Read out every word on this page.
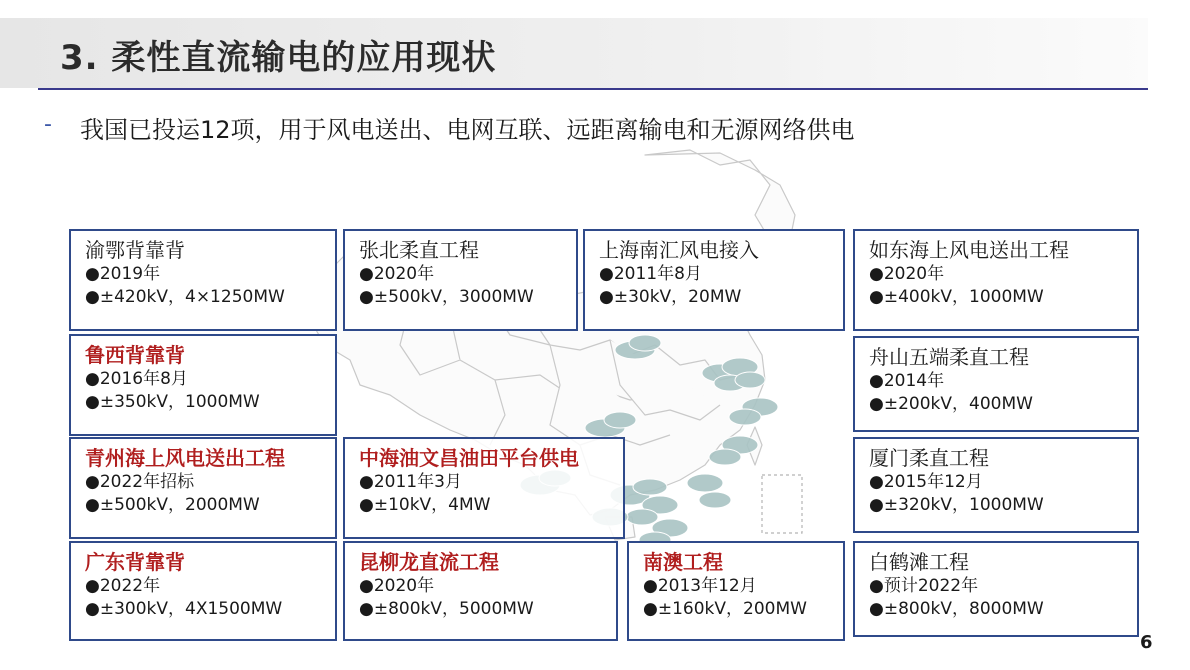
3. 柔性直流输电的应用现状
- 我国已投运12项，用于风电送出、电网互联、远距离输电和无源网络供电
渝鄂背靠背
●2019年
●±420kV，4×1250MW
张北柔直工程
●2020年
●±500kV，3000MW
上海南汇风电接入
●2011年8月
●±30kV，20MW
如东海上风电送出工程
●2020年
●±400kV，1000MW
鲁西背靠背
●2016年8月
●±350kV，1000MW
舟山五端柔直工程
●2014年
●±200kV，400MW
青州海上风电送出工程
●2022年招标
●±500kV，2000MW
中海油文昌油田平台供电
●2011年3月
●±10kV，4MW
厦门柔直工程
●2015年12月
●±320kV，1000MW
广东背靠背
●2022年
●±300kV，4X1500MW
昆柳龙直流工程
●2020年
●±800kV，5000MW
南澳工程
●2013年12月
●±160kV，200MW
白鹤滩工程
●预计2022年
●±800kV，8000MW
6
